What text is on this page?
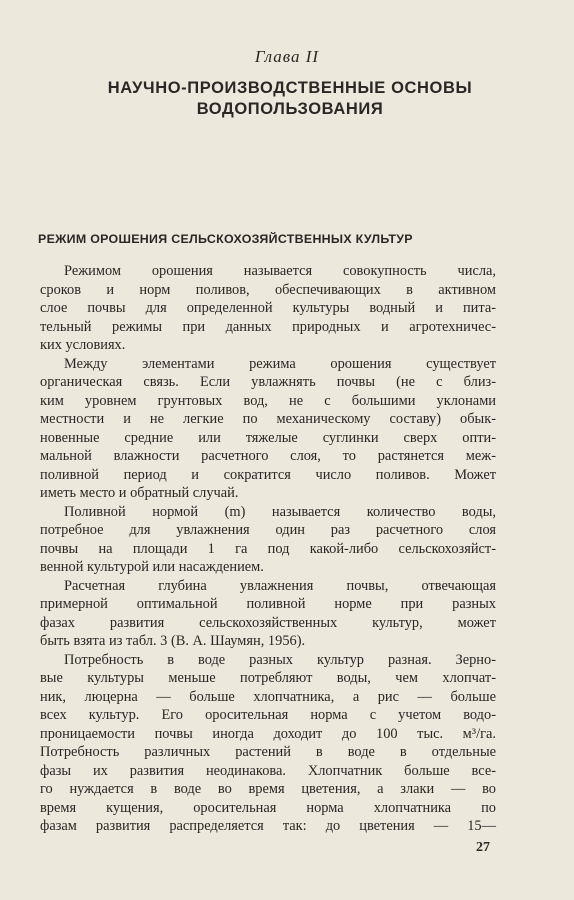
Глава II
НАУЧНО-ПРОИЗВОДСТВЕННЫЕ ОСНОВЫ
ВОДОПОЛЬЗОВАНИЯ
РЕЖИМ ОРОШЕНИЯ СЕЛЬСКОХОЗЯЙСТВЕННЫХ КУЛЬТУР
Режимом орошения называется совокупность числа,
сроков и норм поливов, обеспечивающих в активном
слое почвы для определенной культуры водный и пита-
тельный режимы при данных природных и агротехничес-
ких условиях.
Между элементами режима орошения существует
органическая связь. Если увлажнять почвы (не с близ-
ким уровнем грунтовых вод, не с большими уклонами
местности и не легкие по механическому составу) обык-
новенные средние или тяжелые суглинки сверх опти-
мальной влажности расчетного слоя, то растянется меж-
поливной период и сократится число поливов. Может
иметь место и обратный случай.
Поливной нормой (m) называется количество воды,
потребное для увлажнения один раз расчетного слоя
почвы на площади 1 га под какой-либо сельскохозяйст-
венной культурой или насаждением.
Расчетная глубина увлажнения почвы, отвечающая
примерной оптимальной поливной норме при разных
фазах развития сельскохозяйственных культур, может
быть взята из табл. 3 (В. А. Шаумян, 1956).
Потребность в воде разных культур разная. Зерно-
вые культуры меньше потребляют воды, чем хлопчат-
ник, люцерна — больше хлопчатника, а рис — больше
всех культур. Его оросительная норма с учетом водо-
проницаемости почвы иногда доходит до 100 тыс. м³/га.
Потребность различных растений в воде в отдельные
фазы их развития неодинакова. Хлопчатник больше все-
го нуждается в воде во время цветения, а злаки — во
время кущения, оросительная норма хлопчатника по
фазам развития распределяется так: до цветения — 15—
27
